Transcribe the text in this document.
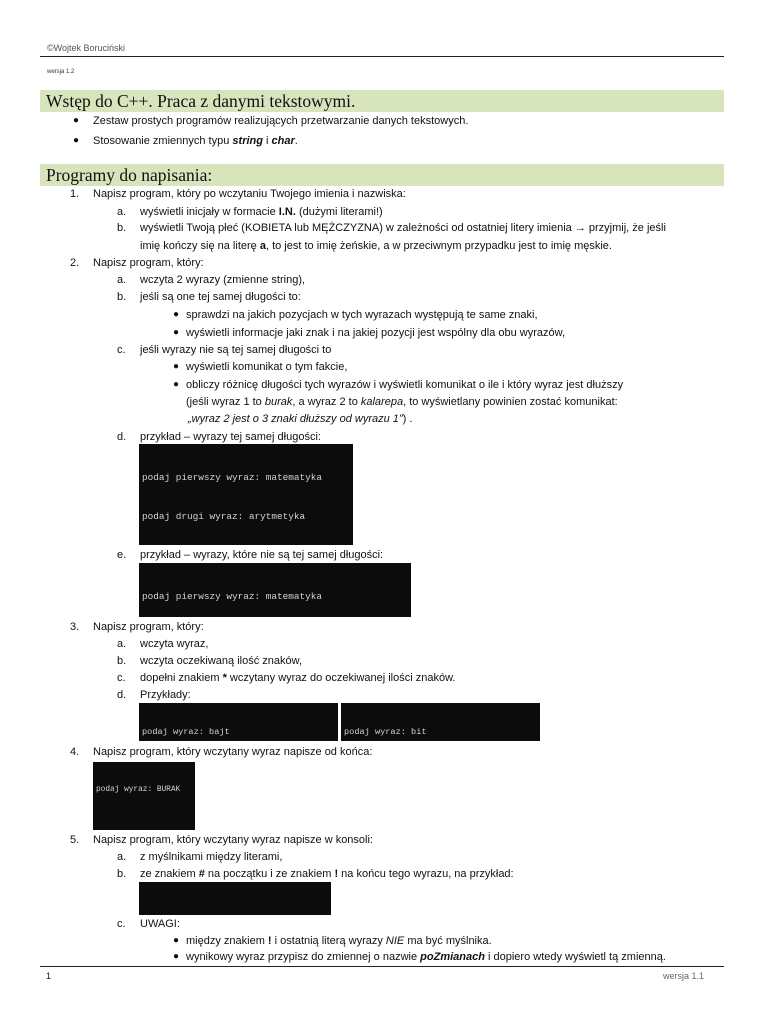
©Wojtek Boruciński
wersja 1.2
Wstęp do C++. Praca z danymi tekstowymi.
● Zestaw prostych programów realizujących przetwarzanie danych tekstowych.
● Stosowanie zmiennych typu string i char.
Programy do napisania:
1. Napisz program, który po wczytaniu Twojego imienia i nazwiska:
a. wyświetli inicjały w formacie I.N. (dużymi literami!)
b. wyświetli Twoją płeć (KOBIETA lub MĘŻCZYZNA) w zależności od ostatniej litery imienia → przyjmij, że jeśli
imię kończy się na literę a, to jest to imię żeńskie, a w przeciwnym przypadku jest to imię męskie.
2. Napisz program, który:
a. wczyta 2 wyrazy (zmienne string),
b. jeśli są one tej samej długości to:
● sprawdzi na jakich pozycjach w tych wyrazach występują te same znaki,
● wyświetli informacje jaki znak i na jakiej pozycji jest wspólny dla obu wyrazów,
c. jeśli wyrazy nie są tej samej długości to
● wyświetli komunikat o tym fakcie,
● obliczy różnicę długości tych wyrazów i wyświetli komunikat o ile i który wyraz jest dłuższy
(jeśli wyraz 1 to burak, a wyraz 2 to kalarepa, to wyświetlany powinien zostać komunikat:
„wyraz 2 jest o 3 znaki dłuższy od wyrazu 1”) .
d. przykład – wyrazy tej samej długości:

podaj pierwszy wyraz: matematyka

podaj drugi wyraz: arytmetyka

e. przykład – wyrazy, które nie są tej samej długości:

podaj pierwszy wyraz: matematyka

3. Napisz program, który:
a. wczyta wyraz,
b. wczyta oczekiwaną ilość znaków,
c. dopełni znakiem * wczytany wyraz do oczekiwanej ilości znaków.
d. Przykłady:

podaj wyraz: bajt

	podaj wyraz: bit

4. Napisz program, który wczytany wyraz napisze od końca:

podaj wyraz: BURAK

5. Napisz program, który wczytany wyraz napisze w konsoli:
a. z myślnikami między literami,
b. ze znakiem # na początku i ze znakiem ! na końcu tego wyrazu, na przykład:

c. UWAGI:
● między znakiem ! i ostatnią literą wyrazy NIE ma być myślnika.
● wynikowy wyraz przypisz do zmiennej o nazwie poZmianach i dopiero wtedy wyświetl tą zmienną.
1	wersja 1.1
